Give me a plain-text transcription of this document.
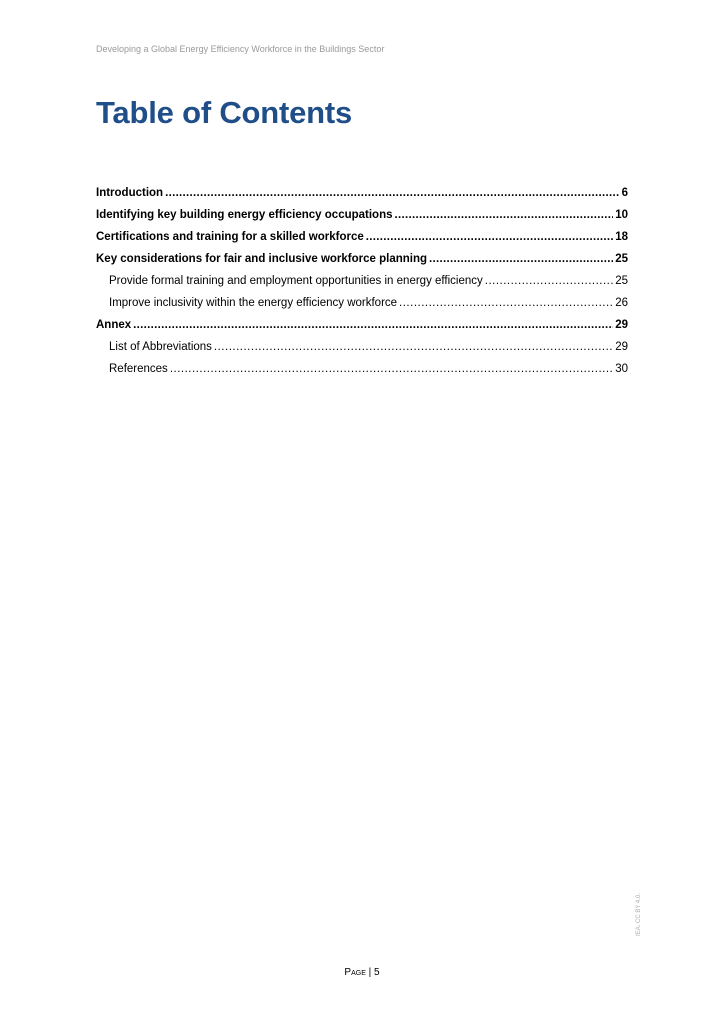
Developing a Global Energy Efficiency Workforce in the Buildings Sector
Table of Contents
Introduction .....	6
Identifying key building energy efficiency occupations .....	10
Certifications and training for a skilled workforce .....	18
Key considerations for fair and inclusive workforce planning .....	25
Provide formal training and employment opportunities in energy efficiency .....	25
Improve inclusivity within the energy efficiency workforce .....	26
Annex .....	29
List of Abbreviations .....	29
References .....	30
Page | 5
IEA. CC BY 4.0.
